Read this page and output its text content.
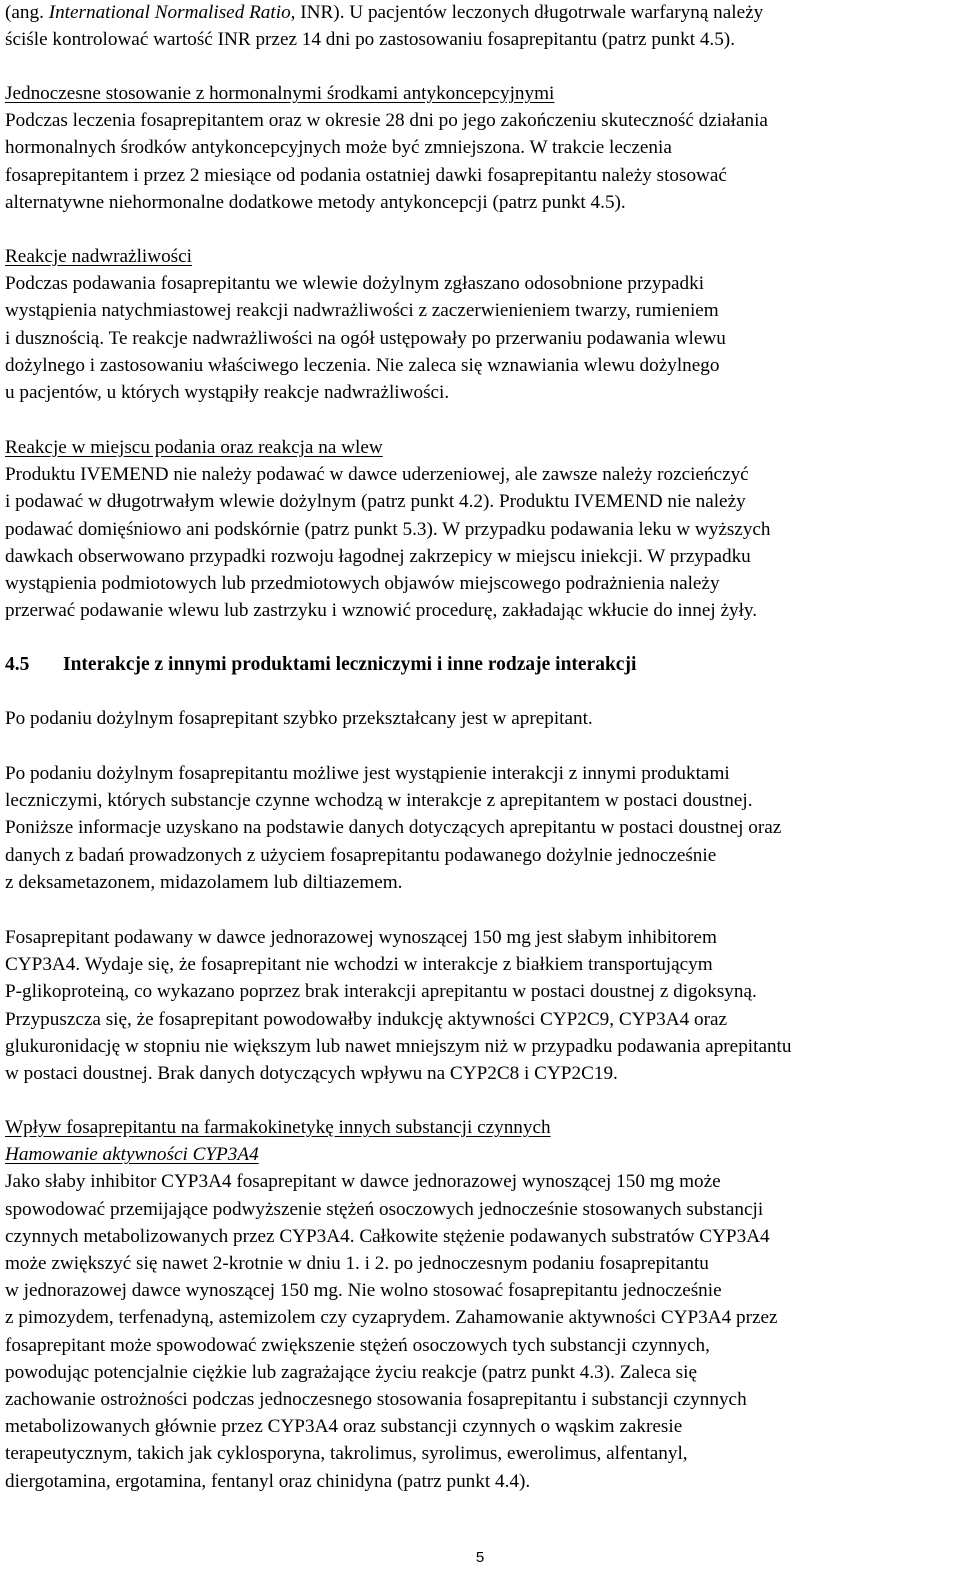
(ang. International Normalised Ratio, INR). U pacjentów leczonych długotrwale warfaryną należy
ściśle kontrolować wartość INR przez 14 dni po zastosowaniu fosaprepitantu (patrz punkt 4.5).
Jednoczesne stosowanie z hormonalnymi środkami antykoncepcyjnymi
Podczas leczenia fosaprepitantem oraz w okresie 28 dni po jego zakończeniu skuteczność działania
hormonalnych środków antykoncepcyjnych może być zmniejszona. W trakcie leczenia
fosaprepitantem i przez 2 miesiące od podania ostatniej dawki fosaprepitantu należy stosować
alternatywne niehormonalne dodatkowe metody antykoncepcji (patrz punkt 4.5).
Reakcje nadwrażliwości
Podczas podawania fosaprepitantu we wlewie dożylnym zgłaszano odosobnione przypadki
wystąpienia natychmiastowej reakcji nadwrażliwości z zaczerwienieniem twarzy, rumieniem
i dusznością. Te reakcje nadwrażliwości na ogół ustępowały po przerwaniu podawania wlewu
dożylnego i zastosowaniu właściwego leczenia. Nie zaleca się wznawiania wlewu dożylnego
u pacjentów, u których wystąpiły reakcje nadwrażliwości.
Reakcje w miejscu podania oraz reakcja na wlew
Produktu IVEMEND nie należy podawać w dawce uderzeniowej, ale zawsze należy rozcieńczyć
i podawać w długotrwałym wlewie dożylnym (patrz punkt 4.2). Produktu IVEMEND nie należy
podawać domięśniowo ani podskórnie (patrz punkt 5.3). W przypadku podawania leku w wyższych
dawkach obserwowano przypadki rozwoju łagodnej zakrzepicy w miejscu iniekcji. W przypadku
wystąpienia podmiotowych lub przedmiotowych objawów miejscowego podrażnienia należy
przerwać podawanie wlewu lub zastrzyku i wznowić procedurę, zakładając wkłucie do innej żyły.
4.5 Interakcje z innymi produktami leczniczymi i inne rodzaje interakcji
Po podaniu dożylnym fosaprepitant szybko przekształcany jest w aprepitant.
Po podaniu dożylnym fosaprepitantu możliwe jest wystąpienie interakcji z innymi produktami
leczniczymi, których substancje czynne wchodzą w interakcje z aprepitantem w postaci doustnej.
Poniższe informacje uzyskano na podstawie danych dotyczących aprepitantu w postaci doustnej oraz
danych z badań prowadzonych z użyciem fosaprepitantu podawanego dożylnie jednocześnie
z deksametazonem, midazolamem lub diltiazemem.
Fosaprepitant podawany w dawce jednorazowej wynoszącej 150 mg jest słabym inhibitorem
CYP3A4. Wydaje się, że fosaprepitant nie wchodzi w interakcje z białkiem transportującym
P-glikoproteiną, co wykazano poprzez brak interakcji aprepitantu w postaci doustnej z digoksyną.
Przypuszcza się, że fosaprepitant powodowałby indukcję aktywności CYP2C9, CYP3A4 oraz
glukuronidację w stopniu nie większym lub nawet mniejszym niż w przypadku podawania aprepitantu
w postaci doustnej. Brak danych dotyczących wpływu na CYP2C8 i CYP2C19.
Wpływ fosaprepitantu na farmakokinetykę innych substancji czynnych
Hamowanie aktywności CYP3A4
Jako słaby inhibitor CYP3A4 fosaprepitant w dawce jednorazowej wynoszącej 150 mg może
spowodować przemijające podwyższenie stężeń osoczowych jednocześnie stosowanych substancji
czynnych metabolizowanych przez CYP3A4. Całkowite stężenie podawanych substratów CYP3A4
może zwiększyć się nawet 2-krotnie w dniu 1. i 2. po jednoczesnym podaniu fosaprepitantu
w jednorazowej dawce wynoszącej 150 mg. Nie wolno stosować fosaprepitantu jednocześnie
z pimozydem, terfenadyną, astemizolem czy cyzaprydem. Zahamowanie aktywności CYP3A4 przez
fosaprepitant może spowodować zwiększenie stężeń osoczowych tych substancji czynnych,
powodując potencjalnie ciężkie lub zagrażające życiu reakcje (patrz punkt 4.3). Zaleca się
zachowanie ostrożności podczas jednoczesnego stosowania fosaprepitantu i substancji czynnych
metabolizowanych głównie przez CYP3A4 oraz substancji czynnych o wąskim zakresie
terapeutycznym, takich jak cyklosporyna, takrolimus, syrolimus, ewerolimus, alfentanyl,
diergotamina, ergotamina, fentanyl oraz chinidyna (patrz punkt 4.4).
5
